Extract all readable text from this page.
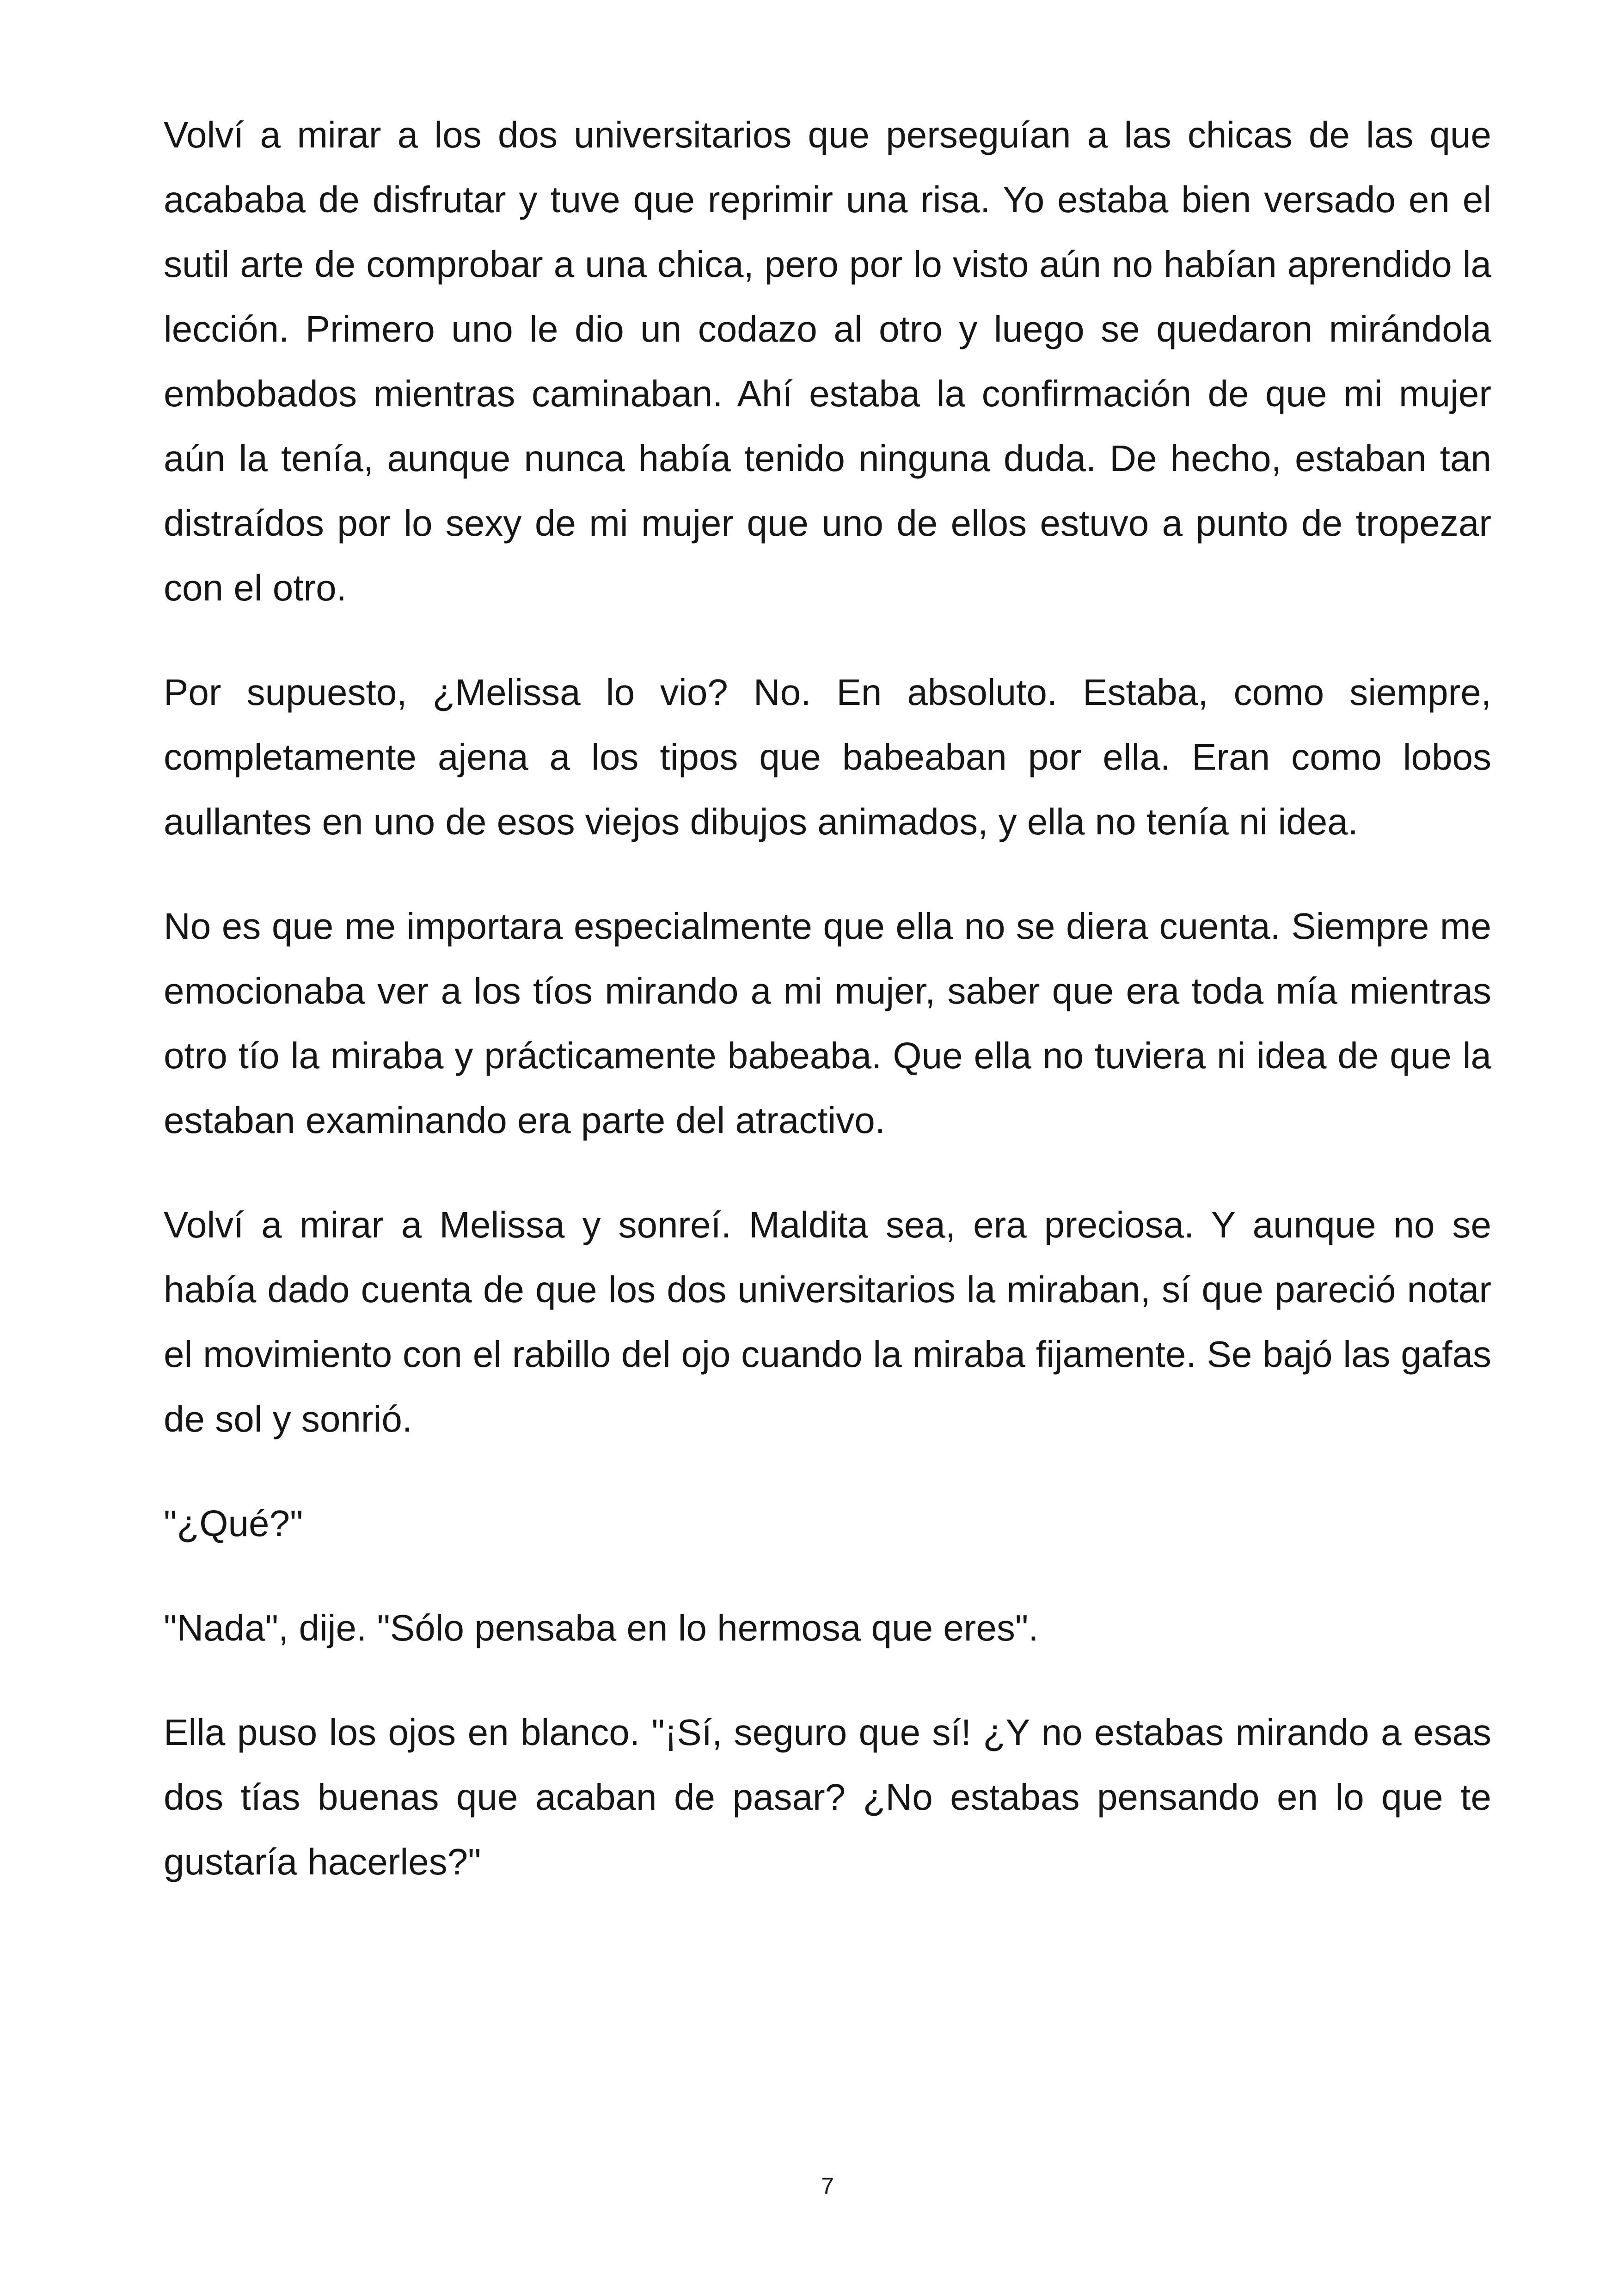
Volví a mirar a los dos universitarios que perseguían a las chicas de las que acababa de disfrutar y tuve que reprimir una risa. Yo estaba bien versado en el sutil arte de comprobar a una chica, pero por lo visto aún no habían aprendido la lección. Primero uno le dio un codazo al otro y luego se quedaron mirándola embobados mientras caminaban. Ahí estaba la confirmación de que mi mujer aún la tenía, aunque nunca había tenido ninguna duda. De hecho, estaban tan distraídos por lo sexy de mi mujer que uno de ellos estuvo a punto de tropezar con el otro.

Por supuesto, ¿Melissa lo vio? No. En absoluto. Estaba, como siempre, completamente ajena a los tipos que babeaban por ella. Eran como lobos aullantes en uno de esos viejos dibujos animados, y ella no tenía ni idea.

No es que me importara especialmente que ella no se diera cuenta. Siempre me emocionaba ver a los tíos mirando a mi mujer, saber que era toda mía mientras otro tío la miraba y prácticamente babeaba. Que ella no tuviera ni idea de que la estaban examinando era parte del atractivo.

Volví a mirar a Melissa y sonreí. Maldita sea, era preciosa. Y aunque no se había dado cuenta de que los dos universitarios la miraban, sí que pareció notar el movimiento con el rabillo del ojo cuando la miraba fijamente. Se bajó las gafas de sol y sonrió.

"¿Qué?"

"Nada", dije. "Sólo pensaba en lo hermosa que eres".

Ella puso los ojos en blanco. "¡Sí, seguro que sí! ¿Y no estabas mirando a esas dos tías buenas que acaban de pasar? ¿No estabas pensando en lo que te gustaría hacerles?"

7
